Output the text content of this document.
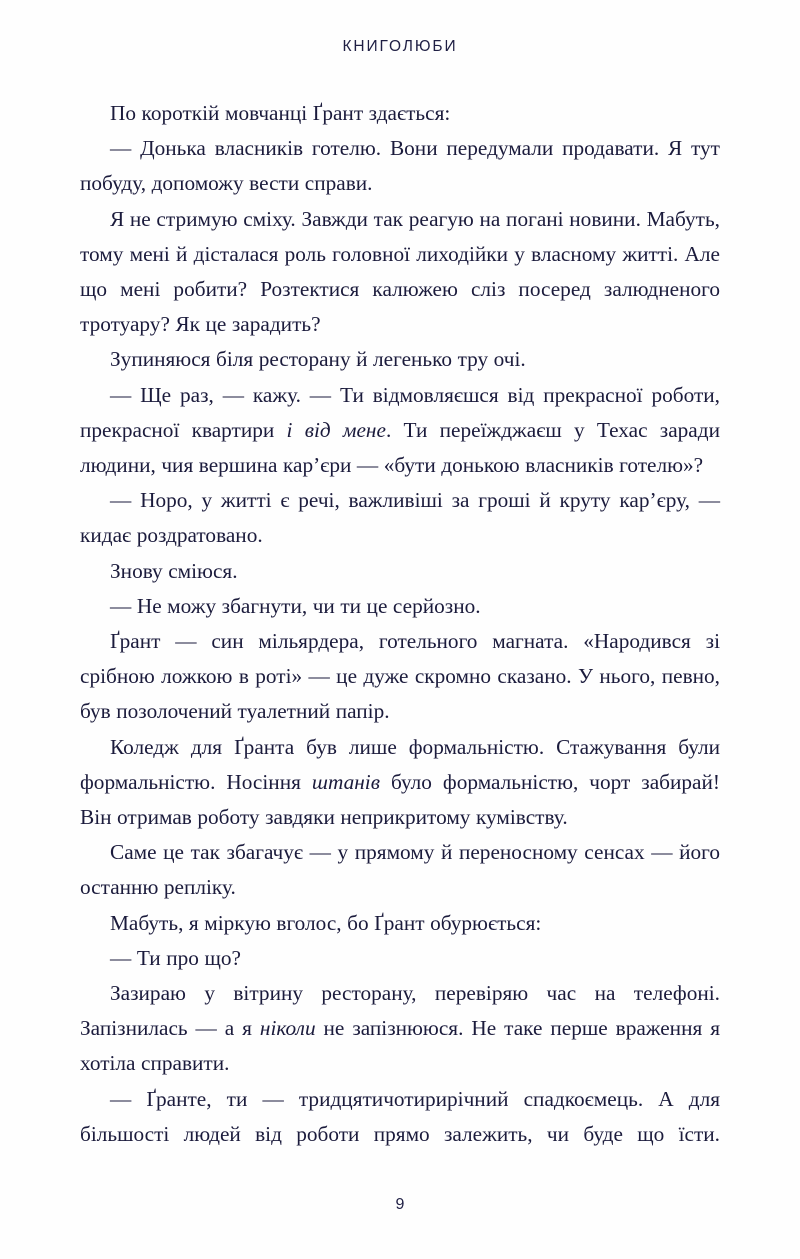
КНИГОЛЮБИ

По короткій мовчанці Ґрант здається:

— Донька власників готелю. Вони передумали продавати. Я тут побуду, допоможу вести справи.

Я не стримую сміху. Завжди так реагую на погані новини. Мабуть, тому мені й дісталася роль головної лиходійки у власному житті. Але що мені робити? Розтектися калюжею сліз посеред залюдненого тротуару? Як це зарадить?

Зупиняюся біля ресторану й легенько тру очі.

— Ще раз, — кажу. — Ти відмовляєшся від прекрасної роботи, прекрасної квартири і від мене. Ти переїжджаєш у Техас заради людини, чия вершина кар’єри — «бути донькою власників готелю»?

— Норо, у житті є речі, важливіші за гроші й круту кар’єру, — кидає роздратовано.

Знову сміюся.

— Не можу збагнути, чи ти це серйозно.

Ґрант — син мільярдера, готельного магната. «Народився зі срібною ложкою в роті» — це дуже скромно сказано. У нього, певно, був позолочений туалетний папір.

Коледж для Ґранта був лише формальністю. Стажування були формальністю. Носіння штанів було формальністю, чорт забирай! Він отримав роботу завдяки неприкритому кумівству.

Саме це так збагачує — у прямому й переносному сенсах — його останню репліку.

Мабуть, я міркую вголос, бо Ґрант обурюється:

— Ти про що?

Зазираю у вітрину ресторану, перевіряю час на телефоні. Запізнилась — а я ніколи не запізнююся. Не таке перше враження я хотіла справити.

— Ґранте, ти — тридцятичотирирічний спадкоємець. А для більшості людей від роботи прямо залежить, чи буде що їсти.

9
